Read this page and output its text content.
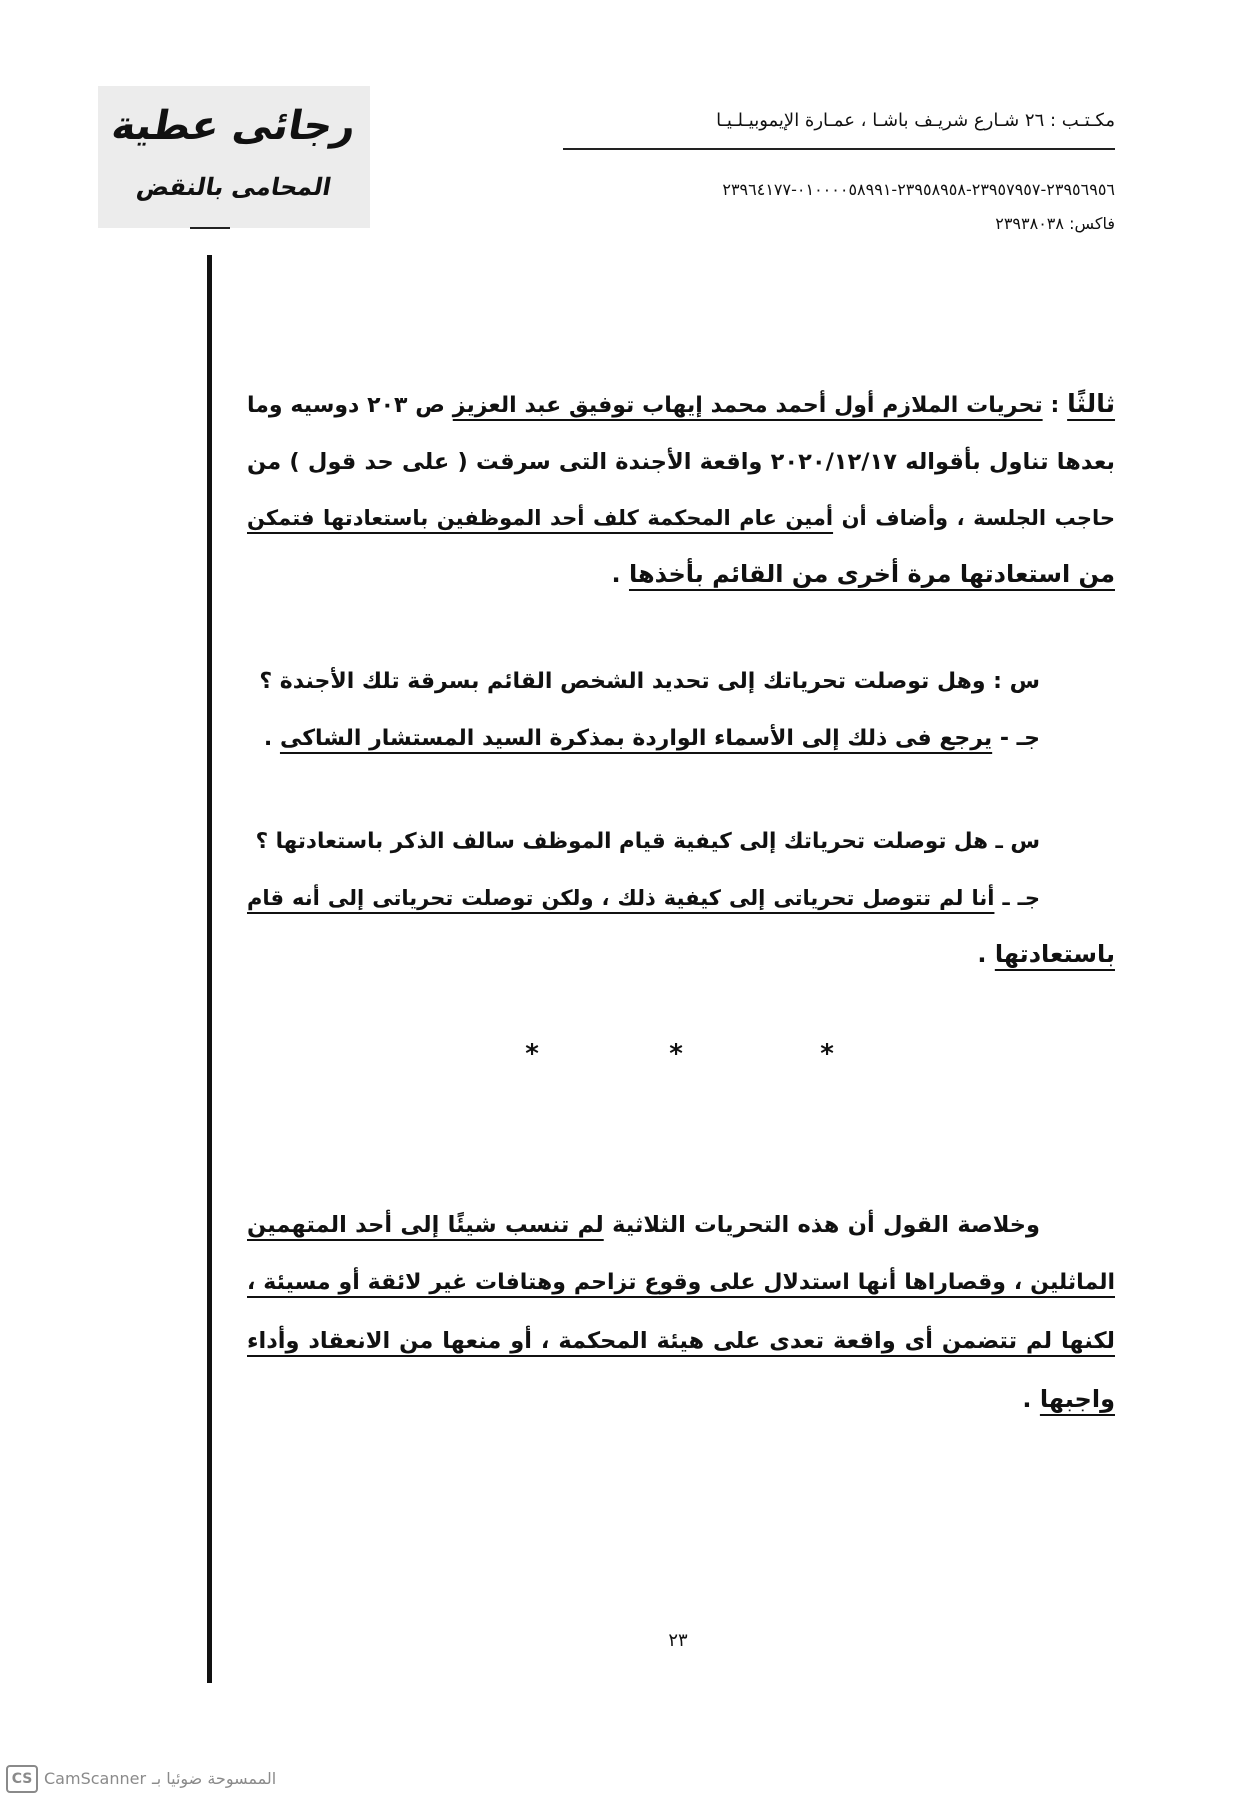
رجائى عطية
المحامى بالنقض
مكـتـب : ٢٦ شـارع شريـف باشـا ، عمـارة الإيموبيـلـيـا
٢٣٩٥٦٩٥٦-٢٣٩٥٧٩٥٧-٢٣٩٥٨٩٥٨-٠١٠٠٠٠٥٨٩٩١-٢٣٩٦٤١٧٧
فاكس: ٢٣٩٣٨٠٣٨
ثالثًا : تحريات الملازم أول أحمد محمد إيهاب توفيق عبد العزيز ص ٢٠٣ دوسيه وما
بعدها تناول بأقواله ٢٠٢٠/١٢/١٧ واقعة الأجندة التى سرقت ( على حد قول ) من
حاجب الجلسة ، وأضاف أن أمين عام المحكمة كلف أحد الموظفين باستعادتها فتمكن
من استعادتها مرة أخرى من القائم بأخذها .
س : وهل توصلت تحرياتك إلى تحديد الشخص القائم بسرقة تلك الأجندة ؟
جـ - يرجع فى ذلك إلى الأسماء الواردة بمذكرة السيد المستشار الشاكى .
س ـ هل توصلت تحرياتك إلى كيفية قيام الموظف سالف الذكر باستعادتها ؟
جـ ـ أنا لم تتوصل تحرياتى إلى كيفية ذلك ، ولكن توصلت تحرياتى إلى أنه قام
باستعادتها .
*	*	*
وخلاصة القول أن هذه التحريات الثلاثية لم تنسب شيئًا إلى أحد المتهمين
الماثلين ، وقصاراها أنها استدلال على وقوع تزاحم وهتافات غير لائقة أو مسيئة ،
لكنها لم تتضمن أى واقعة تعدى على هيئة المحكمة ، أو منعها من الانعقاد وأداء
واجبها .
٢٣
CS CamScanner الممسوحة ضوئيا بـ
